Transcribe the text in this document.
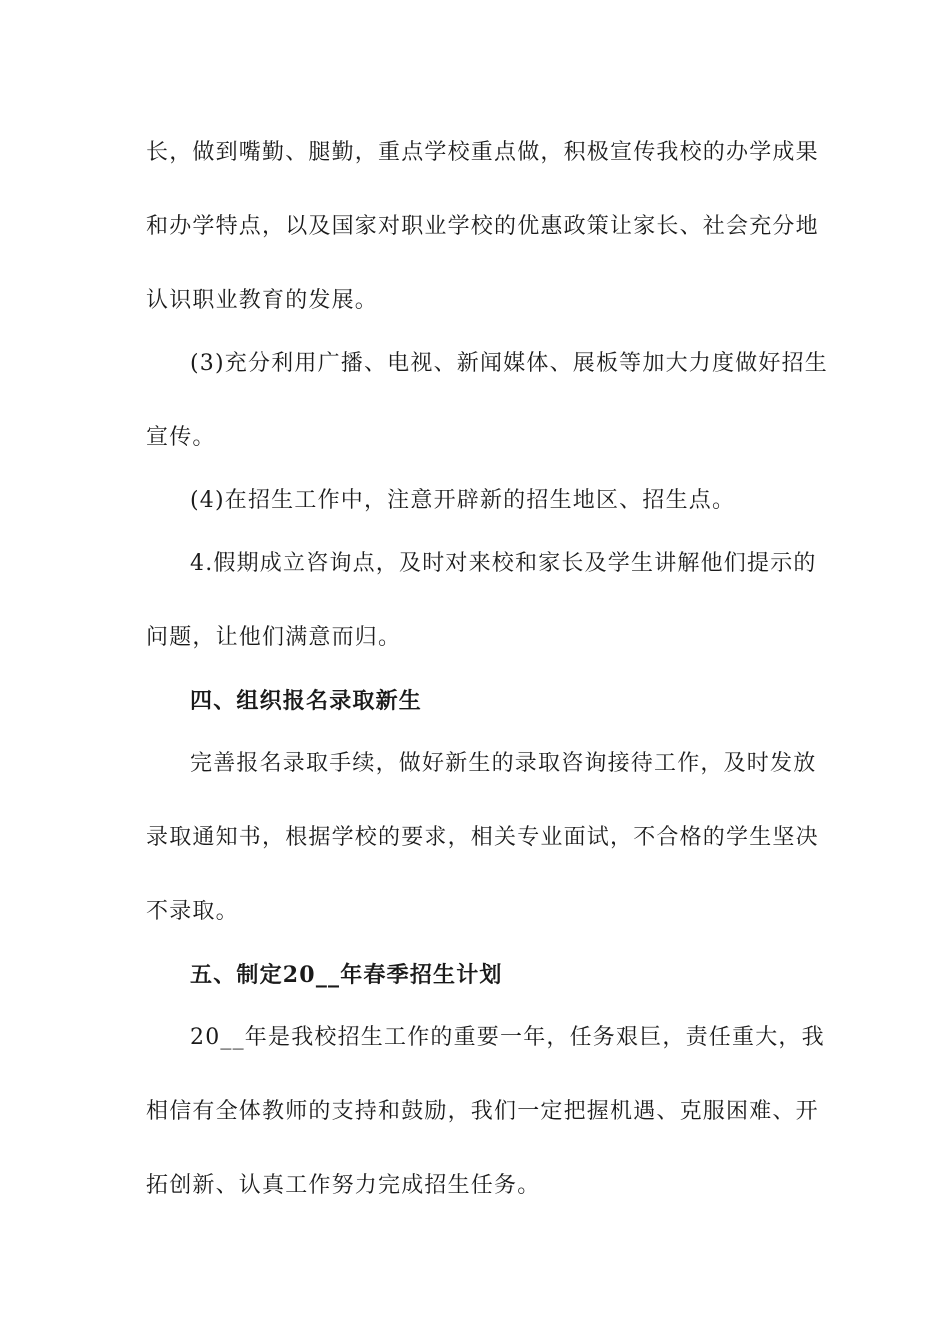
长，做到嘴勤、腿勤，重点学校重点做，积极宣传我校的办学成果
和办学特点，以及国家对职业学校的优惠政策让家长、社会充分地
认识职业教育的发展。
(3)充分利用广播、电视、新闻媒体、展板等加大力度做好招生
宣传。
(4)在招生工作中，注意开辟新的招生地区、招生点。
4.假期成立咨询点，及时对来校和家长及学生讲解他们提示的
问题，让他们满意而归。
四、组织报名录取新生
完善报名录取手续，做好新生的录取咨询接待工作，及时发放
录取通知书，根据学校的要求，相关专业面试，不合格的学生坚决
不录取。
五、制定20__年春季招生计划
20__年是我校招生工作的重要一年，任务艰巨，责任重大，我
相信有全体教师的支持和鼓励，我们一定把握机遇、克服困难、开
拓创新、认真工作努力完成招生任务。
